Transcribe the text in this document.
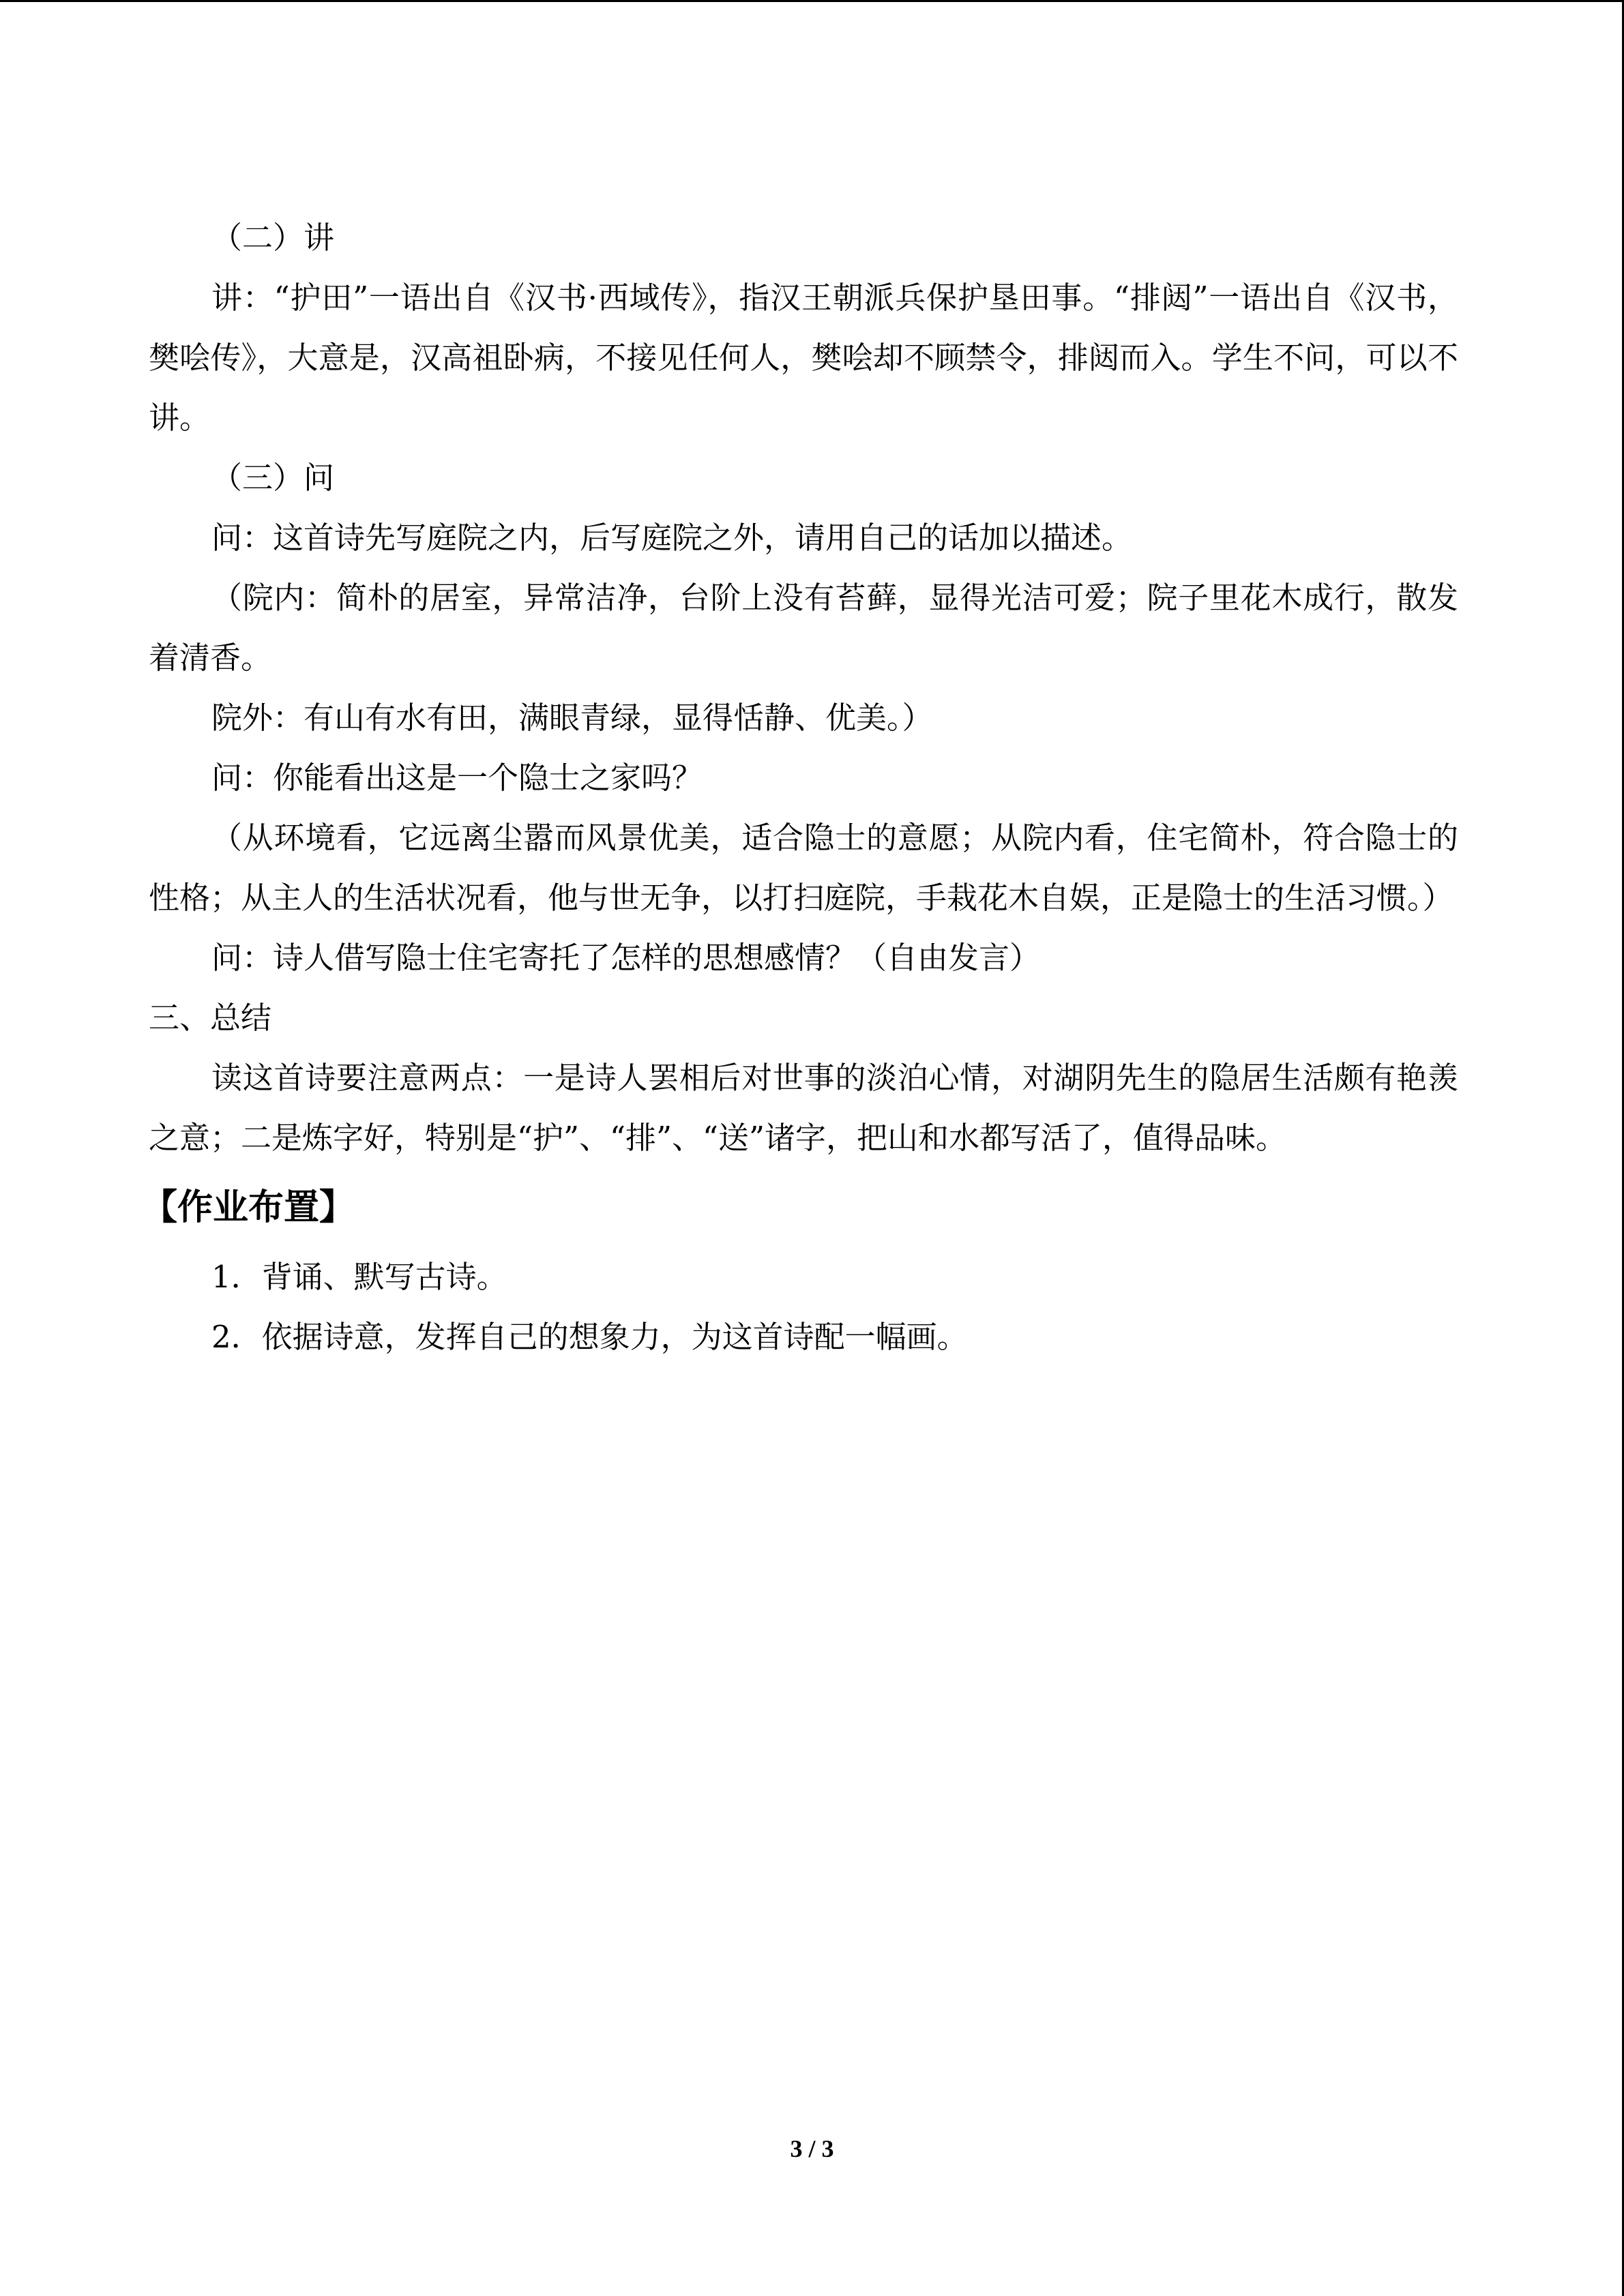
（二）讲

讲：“护田”一语出自《汉书·西域传》，指汉王朝派兵保护垦田事。“排闼”一语出自《汉书，樊哙传》，大意是，汉高祖卧病，不接见任何人，樊哙却不顾禁令，排闼而入。学生不问，可以不讲。

（三）问
问：这首诗先写庭院之内，后写庭院之外，请用自己的话加以描述。

（院内：简朴的居室，异常洁净，台阶上没有苔藓，显得光洁可爱；院子里花木成行，散发着清香。

院外：有山有水有田，满眼青绿，显得恬静、优美。）
问：你能看出这是一个隐士之家吗？

（从环境看，它远离尘嚣而风景优美，适合隐士的意愿；从院内看，住宅简朴，符合隐士的性格；从主人的生活状况看，他与世无争，以打扫庭院，手栽花木自娱，正是隐士的生活习惯。）

问：诗人借写隐士住宅寄托了怎样的思想感情？（自由发言）
三、总结

读这首诗要注意两点：一是诗人罢相后对世事的淡泊心情，对湖阴先生的隐居生活颇有艳羡之意；二是炼字好，特别是“护”、“排”、“送”诸字，把山和水都写活了，值得品味。

【作业布置】
1．背诵、默写古诗。
2．依据诗意，发挥自己的想象力，为这首诗配一幅画。
3 / 3
